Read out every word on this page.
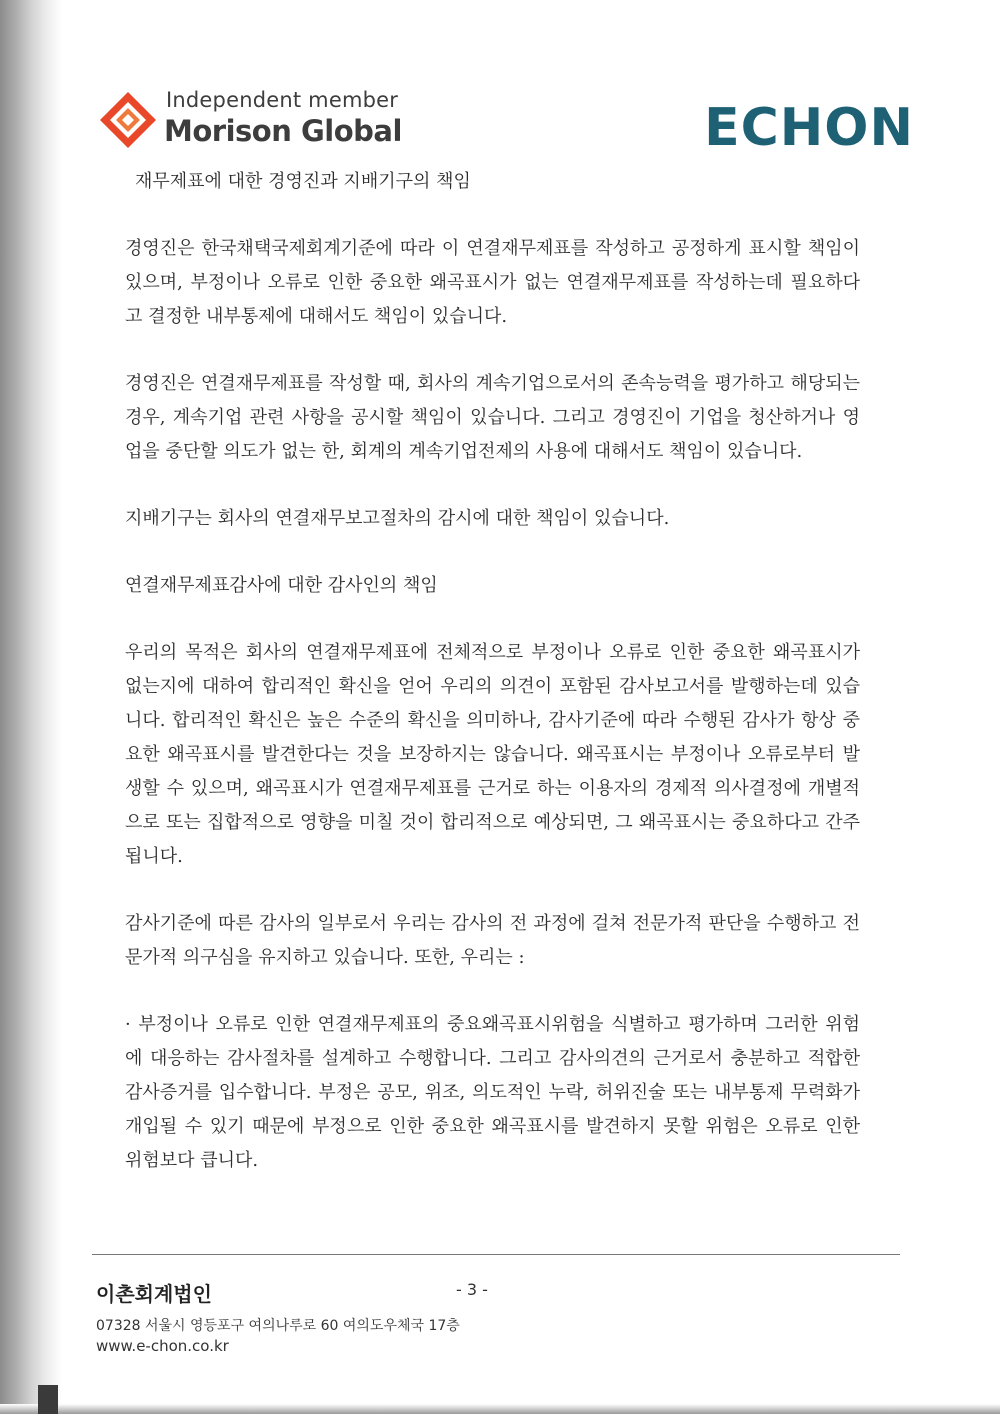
Independent member
Morison Global	ECHON
재무제표에 대한 경영진과 지배기구의 책임

경영진은 한국채택국제회계기준에 따라 이 연결재무제표를 작성하고 공정하게 표시할 책임이 있으며, 부정이나 오류로 인한 중요한 왜곡표시가 없는 연결재무제표를 작성하는데 필요하다고 결정한 내부통제에 대해서도 책임이 있습니다.

경영진은 연결재무제표를 작성할 때, 회사의 계속기업으로서의 존속능력을 평가하고 해당되는 경우, 계속기업 관련 사항을 공시할 책임이 있습니다. 그리고 경영진이 기업을 청산하거나 영업을 중단할 의도가 없는 한, 회계의 계속기업전제의 사용에 대해서도 책임이 있습니다.

지배기구는 회사의 연결재무보고절차의 감시에 대한 책임이 있습니다.

연결재무제표감사에 대한 감사인의 책임

우리의 목적은 회사의 연결재무제표에 전체적으로 부정이나 오류로 인한 중요한 왜곡표시가 없는지에 대하여 합리적인 확신을 얻어 우리의 의견이 포함된 감사보고서를 발행하는데 있습니다. 합리적인 확신은 높은 수준의 확신을 의미하나, 감사기준에 따라 수행된 감사가 항상 중요한 왜곡표시를 발견한다는 것을 보장하지는 않습니다. 왜곡표시는 부정이나 오류로부터 발생할 수 있으며, 왜곡표시가 연결재무제표를 근거로 하는 이용자의 경제적 의사결정에 개별적으로 또는 집합적으로 영향을 미칠 것이 합리적으로 예상되면, 그 왜곡표시는 중요하다고 간주됩니다.

감사기준에 따른 감사의 일부로서 우리는 감사의 전 과정에 걸쳐 전문가적 판단을 수행하고 전문가적 의구심을 유지하고 있습니다. 또한, 우리는 :

· 부정이나 오류로 인한 연결재무제표의 중요왜곡표시위험을 식별하고 평가하며 그러한 위험에 대응하는 감사절차를 설계하고 수행합니다. 그리고 감사의견의 근거로서 충분하고 적합한 감사증거를 입수합니다. 부정은 공모, 위조, 의도적인 누락, 허위진술 또는 내부통제 무력화가 개입될 수 있기 때문에 부정으로 인한 중요한 왜곡표시를 발견하지 못할 위험은 오류로 인한 위험보다 큽니다.

이촌회계법인	- 3 -
07328 서울시 영등포구 여의나루로 60 여의도우체국 17층
www.e-chon.co.kr
